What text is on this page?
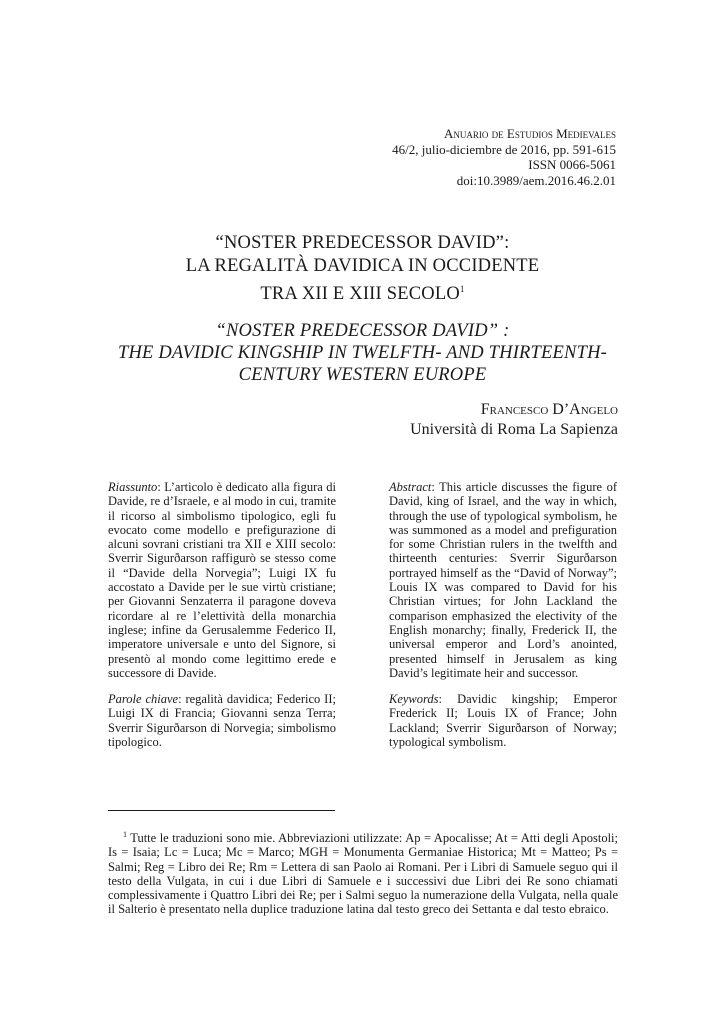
Anuario de Estudios Medievales
46/2, julio-diciembre de 2016, pp. 591-615
ISSN 0066-5061
doi:10.3989/aem.2016.46.2.01
“NOSTER PREDECESSOR DAVID”:
LA REGALITÀ DAVIDICA IN OCCIDENTE
TRA XII E XIII SECOLO$^1$
“NOSTER PREDECESSOR DAVID” :
THE DAVIDIC KINGSHIP IN TWELFTH- AND THIRTEENTH-
CENTURY WESTERN EUROPE
Francesco D’Angelo
Università di Roma La Sapienza

Riassunto: L’articolo è dedicato alla figura di Davide, re d’Israele, e al modo in cui, tramite il ricorso al simbolismo tipologico, egli fu evocato come modello e prefigurazione di alcuni sovrani cristiani tra XII e XIII secolo: Sverrir Sigurðarson raffigurò se stesso come il “Davide della Norvegia”; Luigi IX fu accostato a Davide per le sue virtù cristiane; per Giovanni Senzaterra il paragone doveva ricordare al re l’elettività della monarchia inglese; infine da Gerusalemme Federico II, imperatore universale e unto del Signore, si presentò al mondo come legittimo erede e successore di Davide.

Parole chiave: regalità davidica; Federico II; Luigi IX di Francia; Giovanni senza Terra; Sverrir Sigurðarson di Norvegia; simbolismo tipologico.

Abstract: This article discusses the figure of David, king of Israel, and the way in which, through the use of typological symbolism, he was summoned as a model and prefiguration for some Christian rulers in the twelfth and thirteenth centuries: Sverrir Sigurðarson portrayed himself as the “David of Norway”; Louis IX was compared to David for his Christian virtues; for John Lackland the comparison emphasized the electivity of the English monarchy; finally, Frederick II, the universal emperor and Lord’s anointed, presented himself in Jerusalem as king David’s legitimate heir and successor.

Keywords: Davidic kingship; Emperor Frederick II; Louis IX of France; John Lackland; Sverrir Sigurðarson of Norway; typological symbolism.

$^1$ Tutte le traduzioni sono mie. Abbreviazioni utilizzate: Ap = Apocalisse; At = Atti degli Apostoli; Is = Isaia; Lc = Luca; Mc = Marco; MGH = Monumenta Germaniae Historica; Mt = Matteo; Ps = Salmi; Reg = Libro dei Re; Rm = Lettera di san Paolo ai Romani. Per i Libri di Samuele seguo qui il testo della Vulgata, in cui i due Libri di Samuele e i successivi due Libri dei Re sono chiamati complessivamente i Quattro Libri dei Re; per i Salmi seguo la numerazione della Vulgata, nella quale il Salterio è presentato nella duplice traduzione latina dal testo greco dei Settanta e dal testo ebraico.
